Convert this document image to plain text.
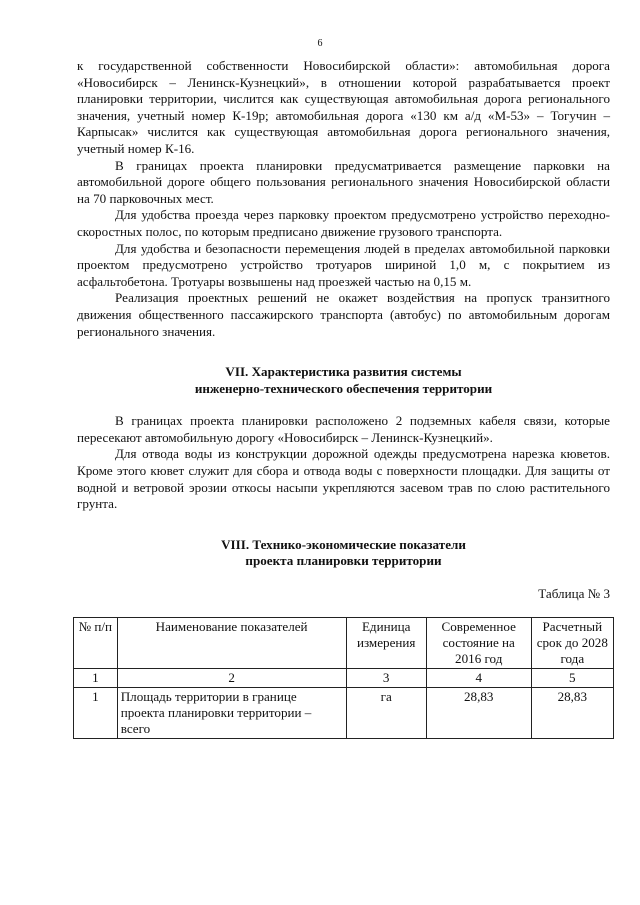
6

к государственной собственности Новосибирской области»: автомобильная дорога «Новосибирск – Ленинск-Кузнецкий», в отношении которой разрабатывается проект планировки территории, числится как существующая автомобильная дорога регионального значения, учетный номер К-19р; автомобильная дорога «130 км а/д «М-53» – Тогучин – Карпысак» числится как существующая автомобильная дорога регионального значения, учетный номер К-16.

В границах проекта планировки предусматривается размещение парковки на автомобильной дороге общего пользования регионального значения Новосибирской области на 70 парковочных мест.

Для удобства проезда через парковку проектом предусмотрено устройство переходно-скоростных полос, по которым предписано движение грузового транспорта.

Для удобства и безопасности перемещения людей в пределах автомобильной парковки проектом предусмотрено устройство тротуаров шириной 1,0 м, с покрытием из асфальтобетона. Тротуары возвышены над проезжей частью на 0,15 м.

Реализация проектных решений не окажет воздействия на пропуск транзитного движения общественного пассажирского транспорта (автобус) по автомобильным дорогам регионального значения.

VII. Характеристика развития системы
инженерно-технического обеспечения территории

В границах проекта планировки расположено 2 подземных кабеля связи, которые пересекают автомобильную дорогу «Новосибирск – Ленинск-Кузнецкий».

Для отвода воды из конструкции дорожной одежды предусмотрена нарезка кюветов. Кроме этого кювет служит для сбора и отвода воды с поверхности площадки. Для защиты от водной и ветровой эрозии откосы насыпи укрепляются засевом трав по слою растительного грунта.

VIII. Технико-экономические показатели
проекта планировки территории

Таблица № 3

№ п/п	Наименование показателей	Единица измерения	Современное состояние на 2016 год	Расчетный срок до 2028 года
1	2	3	4	5
1	Площадь территории в границе проекта планировки территории – всего	га	28,83	28,83
